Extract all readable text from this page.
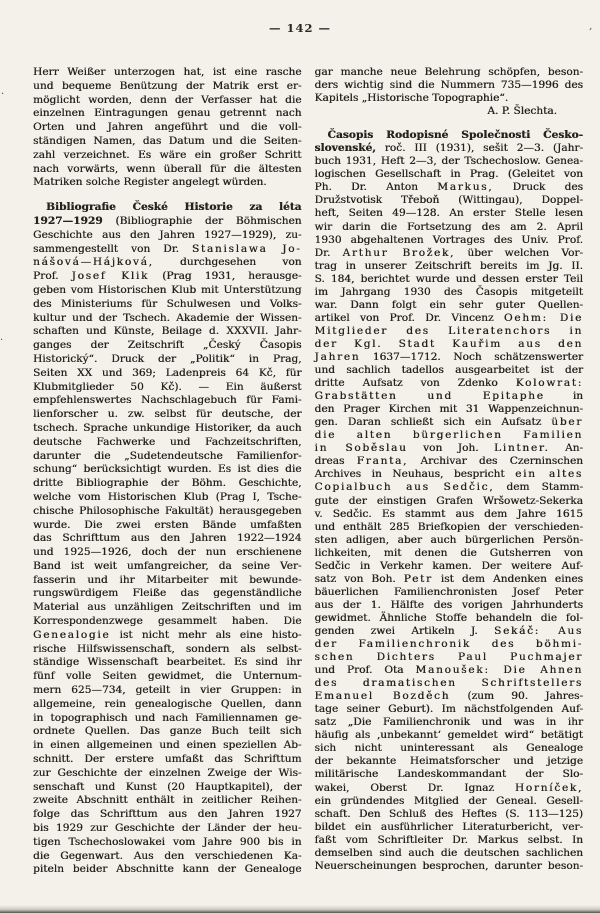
— 142 —	’
·
·
Herr Weißer unterzogen hat, ist eine rasche
und bequeme Benützung der Matrik erst er-
möglicht worden, denn der Verfasser hat die
einzelnen Eintragungen genau getrennt nach
Orten und Jahren angeführt und die voll-
ständigen Namen, das Datum und die Seiten-
zahl verzeichnet. Es wäre ein großer Schritt
nach vorwärts, wenn überall für die ältesten
Matriken solche Register angelegt würden.
Bibliografie České Historie za léta
1927—1929 (Bibliographie der Böhmischen
Geschichte aus den Jahren 1927—1929), zu-
sammengestellt von Dr. Stanislawa Jo-
nášová—Hájková, durchgesehen von
Prof. Josef Klik (Prag 1931, herausge-
geben vom Historischen Klub mit Unterstützung
des Ministeriums für Schulwesen und Volks-
kultur und der Tschech. Akademie der Wissen-
schaften und Künste, Beilage d. XXXVII. Jahr-
ganges der Zeitschrift „Český Časopis
Historický“. Druck der „Politik“ in Prag,
Seiten XX und 369; Ladenpreis 64 Kč, für
Klubmitglieder 50 Kč). — Ein äußerst
empfehlenswertes Nachschlagebuch für Fami-
lienforscher u. zw. selbst für deutsche, der
tschech. Sprache unkundige Historiker, da auch
deutsche Fachwerke und Fachzeitschriften,
darunter die „Sudetendeutsche Familienfor-
schung“ berücksichtigt wurden. Es ist dies die
dritte Bibliographie der Böhm. Geschichte,
welche vom Historischen Klub (Prag I, Tsche-
chische Philosophische Fakultät) herausgegeben
wurde. Die zwei ersten Bände umfaßten
das Schrifttum aus den Jahren 1922—1924
und 1925—1926, doch der nun erschienene
Band ist weit umfangreicher, da seine Ver-
fasserin und ihr Mitarbeiter mit bewunde-
rungswürdigem Fleiße das gegenständliche
Material aus unzähligen Zeitschriften und im
Korrespondenzwege gesammelt haben. Die
Genealogie ist nicht mehr als eine histo-
rische Hilfswissenschaft, sondern als selbst-
ständige Wissenschaft bearbeitet. Es sind ihr
fünf volle Seiten gewidmet, die Unternum-
mern 625—734, geteilt in vier Gruppen: in
allgemeine, rein genealogische Quellen, dann
in topographisch und nach Familiennamen ge-
ordnete Quellen. Das ganze Buch teilt sich
in einen allgemeinen und einen speziellen Ab-
schnitt. Der erstere umfaßt das Schrifttum
zur Geschichte der einzelnen Zweige der Wis-
senschaft und Kunst (20 Hauptkapitel), der
zweite Abschnitt enthält in zeitlicher Reihen-
folge das Schrifttum aus den Jahren 1927
bis 1929 zur Geschichte der Länder der heu-
tigen Tschechoslowakei vom Jahre 900 bis in
die Gegenwart. Aus den verschiedenen Ka-
piteln beider Abschnitte kann der Genealoge
gar manche neue Belehrung schöpfen, beson-
ders wichtig sind die Nummern 735—1996 des
Kapitels „Historische Topographie“.
A. P. Šlechta.
Časopis Rodopisné Společnosti Česko-
slovenské, roč. III (1931), sešit 2—3. (Jahr-
buch 1931, Heft 2—3, der Tschechoslow. Genea-
logischen Gesellschaft in Prag. (Geleitet von
Ph. Dr. Anton Markus, Druck des
Družstvotisk Třeboň (Wittingau), Doppel-
heft, Seiten 49—128. An erster Stelle lesen
wir darin die Fortsetzung des am 2. April
1930 abgehaltenen Vortrages des Univ. Prof.
Dr. Arthur Brožek, über welchen Vor-
trag in unserer Zeitschrift bereits im Jg. II.
S. 184, berichtet wurde und dessen erster Teil
im Jahrgang 1930 des Časopis mitgeteilt
war. Dann folgt ein sehr guter Quellen-
artikel von Prof. Dr. Vincenz Oehm: Die
Mitglieder des Literatenchors in
der Kgl. Stadt Kauřim aus den
Jahren 1637—1712. Noch schätzenswerter
und sachlich tadellos ausgearbeitet ist der
dritte Aufsatz von Zdenko Kolowrat:
Grabstätten und Epitaphe in
den Prager Kirchen mit 31 Wappenzeichnun-
gen. Daran schließt sich ein Aufsatz über
die alten bürgerlichen Familien
in Soběslau von Joh. Lintner. An-
dreas Franta, Archivar des Czerninschen
Archives in Neuhaus, bespricht ein altes
Copialbuch aus Sedčic, dem Stamm-
gute der einstigen Grafen Wršowetz-Sekerka
v. Sedčic. Es stammt aus dem Jahre 1615
und enthält 285 Briefkopien der verschieden-
sten adligen, aber auch bürgerlichen Persön-
lichkeiten, mit denen die Gutsherren von
Sedčic in Verkehr kamen. Der weitere Auf-
satz von Boh. Petr ist dem Andenken eines
bäuerlichen Familienchronisten Josef Peter
aus der 1. Hälfte des vorigen Jahrhunderts
gewidmet. Ähnliche Stoffe behandeln die fol-
genden zwei Artikeln J. Sekáč: Aus
der Familienchronik des böhmi-
schen Dichters Paul Puchmajer
und Prof. Ota Manoušek: Die Ahnen
des dramatischen Schriftstellers
Emanuel Bozděch (zum 90. Jahres-
tage seiner Geburt). Im nächstfolgenden Auf-
satz „Die Familienchronik und was in ihr
häufig als ‚unbekannt‘ gemeldet wird“ betätigt
sich nicht uninteressant als Genealoge
der bekannte Heimatsforscher und jetzige
militärische Landeskommandant der Slo-
wakei, Oberst Dr. Ignaz Horníček,
ein gründendes Mitglied der Geneal. Gesell-
schaft. Den Schluß des Heftes (S. 113—125)
bildet ein ausführlicher Literaturbericht, ver-
faßt vom Schriftleiter Dr. Markus selbst. In
demselben sind auch die deutschen sachlichen
Neuerscheinungen besprochen, darunter beson-
